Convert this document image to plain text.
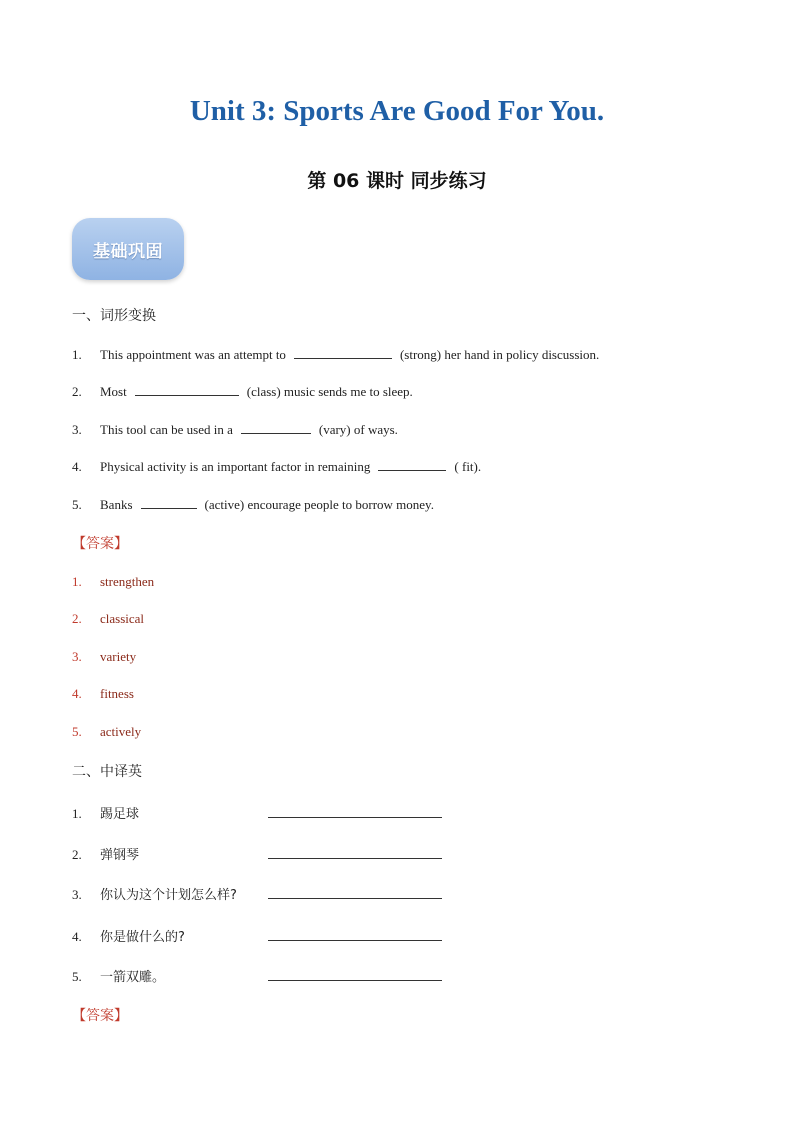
Unit 3: Sports Are Good For You.
第 06 课时 同步练习
基础巩固
一、词形变换
1.	This appointment was an attempt to	(strong) her hand in policy discussion.
2.	Most	(class) music sends me to sleep.
3.	This tool can be used in a	(vary) of ways.
4.	Physical activity is an important factor in remaining	( fit).
5.	Banks	(active) encourage people to borrow money.
【答案】
1.	strengthen
2.	classical
3.	variety
4.	fitness
5.	actively
二、中译英
1.	踢足球
2.	弹钢琴
3.	你认为这个计划怎么样?
4.	你是做什么的?
5.	一箭双雕。
【答案】
